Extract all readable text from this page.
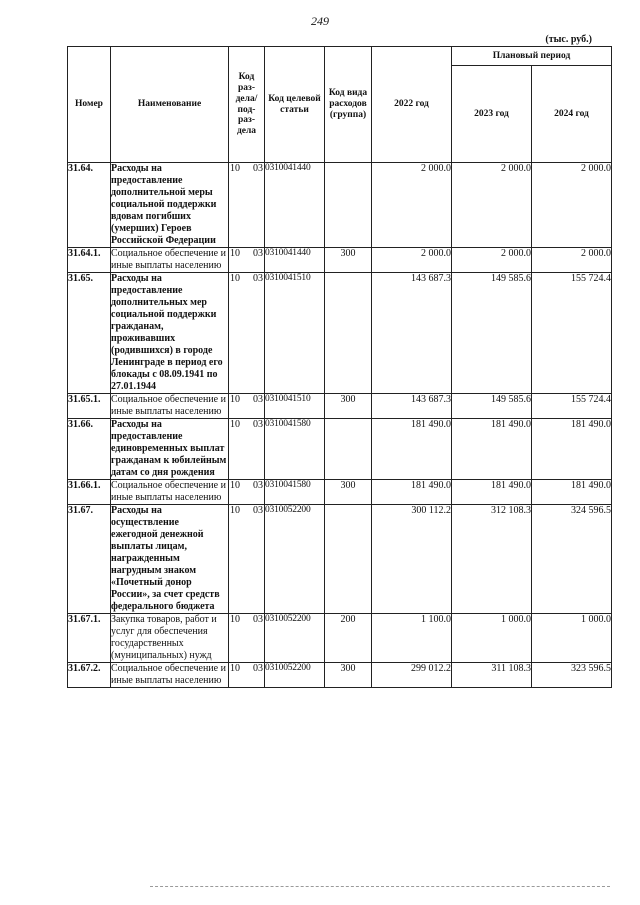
249
(тыс. руб.)
Номер	Наименование	Код раз- дела/ под- раз- дела	Код целевой статьи	Код вида расходов (группа)	2022 год	Плановый период	
						2023 год	2024 год
31.64.	Расходы на предоставление дополнительной меры социальной поддержки вдовам погибших (умерших) Героев Российской Федерации	10 03	0310041440		2 000.0	2 000.0	2 000.0
31.64.1.	Социальное обеспечение и иные выплаты населению	10 03	0310041440	300	2 000.0	2 000.0	2 000.0
31.65.	Расходы на предоставление дополнительных мер социальной поддержки гражданам, проживавших (родившихся) в городе Ленинграде в период его блокады с 08.09.1941 по 27.01.1944	10 03	0310041510		143 687.3	149 585.6	155 724.4
31.65.1.	Социальное обеспечение и иные выплаты населению	10 03	0310041510	300	143 687.3	149 585.6	155 724.4
31.66.	Расходы на предоставление единовременных выплат гражданам к юбилейным датам со дня рождения	10 03	0310041580		181 490.0	181 490.0	181 490.0
31.66.1.	Социальное обеспечение и иные выплаты населению	10 03	0310041580	300	181 490.0	181 490.0	181 490.0
31.67.	Расходы на осуществление ежегодной денежной выплаты лицам, награжденным нагрудным знаком «Почетный донор России», за счет средств федерального бюджета	10 03	0310052200		300 112.2	312 108.3	324 596.5
31.67.1.	Закупка товаров, работ и услуг для обеспечения государственных (муниципальных) нужд	10 03	0310052200	200	1 100.0	1 000.0	1 000.0
31.67.2.	Социальное обеспечение и иные выплаты населению	10 03	0310052200	300	299 012.2	311 108.3	323 596.5
